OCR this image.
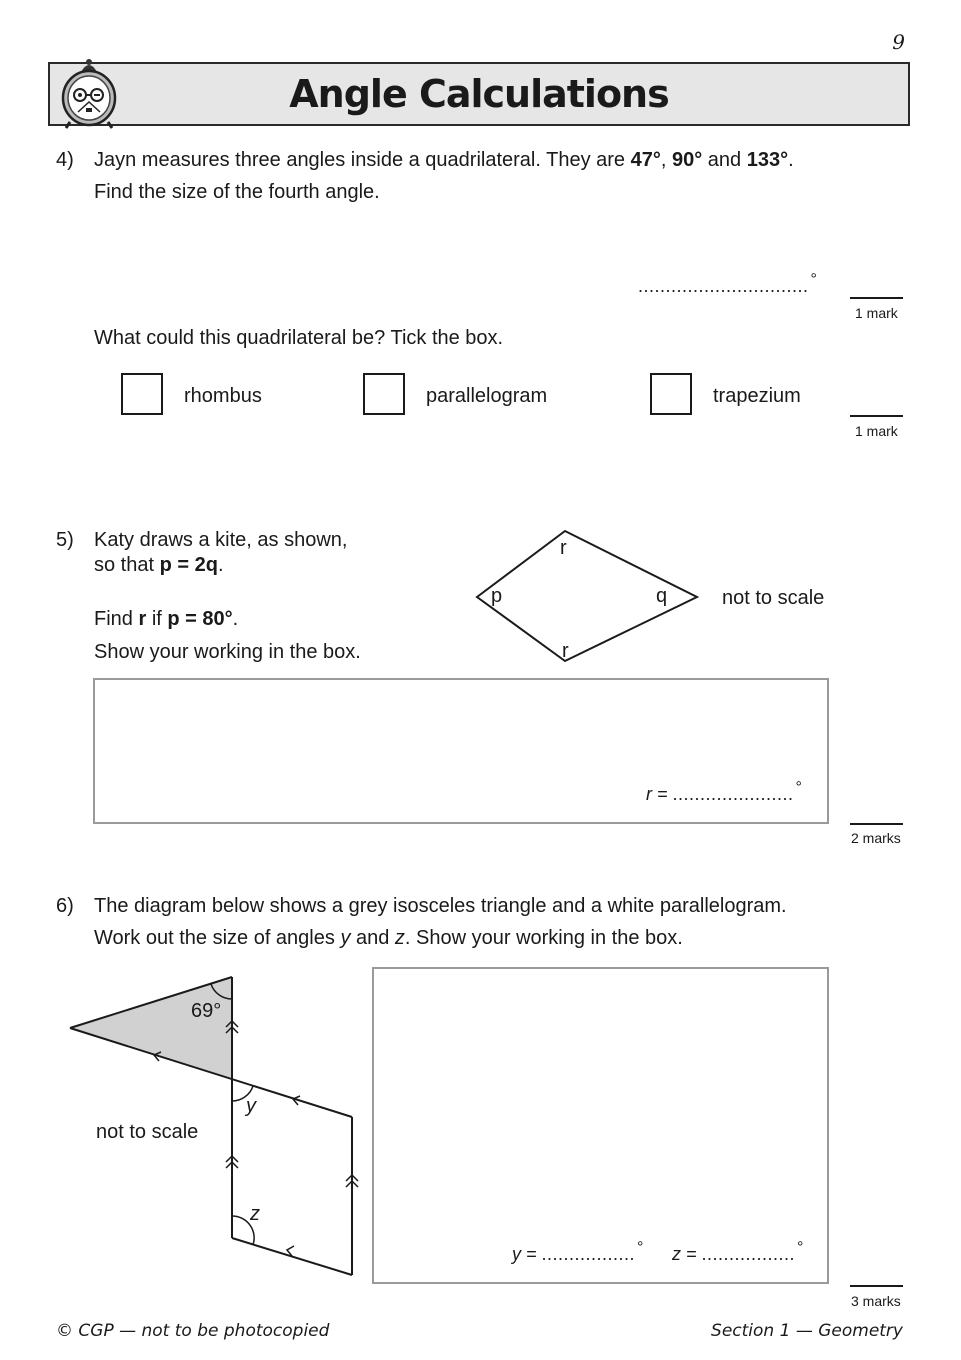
9
Angle Calculations
4) Jayn measures three angles inside a quadrilateral. They are 47°, 90° and 133°.
Find the size of the fourth angle.
............................... °
1 mark
What could this quadrilateral be? Tick the box.
rhombus	parallelogram	trapezium
1 mark
5) Katy draws a kite, as shown,
so that p = 2q.
Find r if p = 80°.
Show your working in the box.
r
p	q
r
not to scale
r = ...................... °
2 marks
6) The diagram below shows a grey isosceles triangle and a white parallelogram.
Work out the size of angles y and z. Show your working in the box.
69°
y
z
not to scale
y = ................. ° z = ................. °
3 marks
© CGP — not to be photocopied	Section 1 — Geometry
